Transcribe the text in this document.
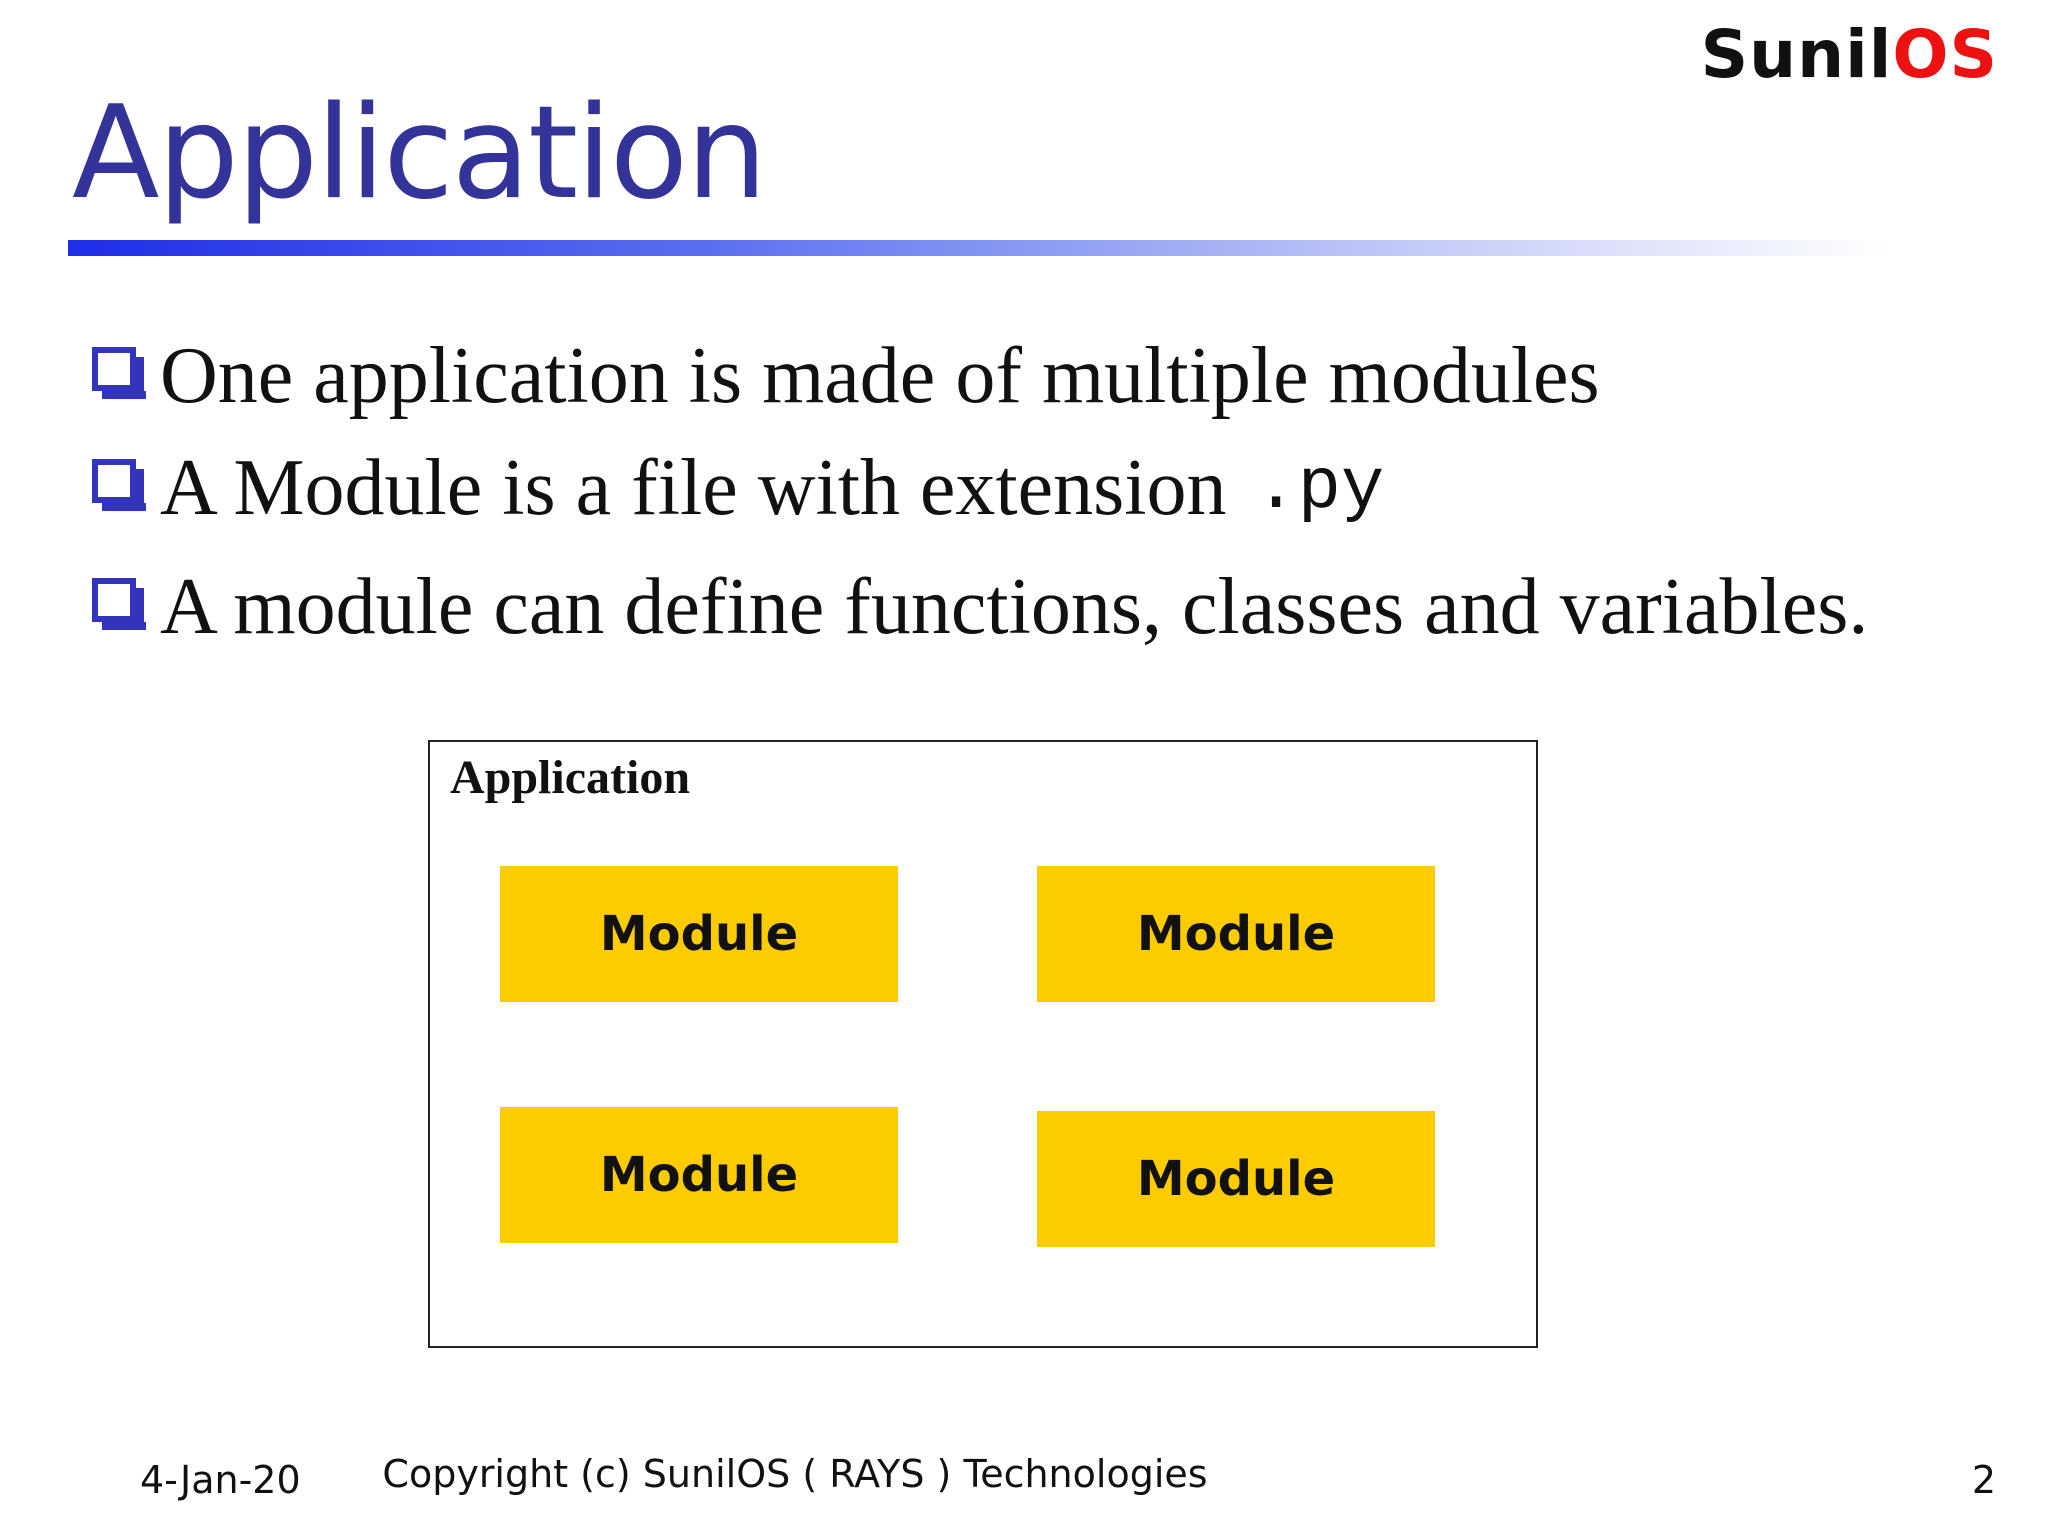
SunilOS
Application
One application is made of multiple modules
A Module is a file with extension .py
A module can define functions, classes and variables.
Application
Module	Module
Module	Module
4-Jan-20	Copyright (c) SunilOS ( RAYS ) Technologies	2
